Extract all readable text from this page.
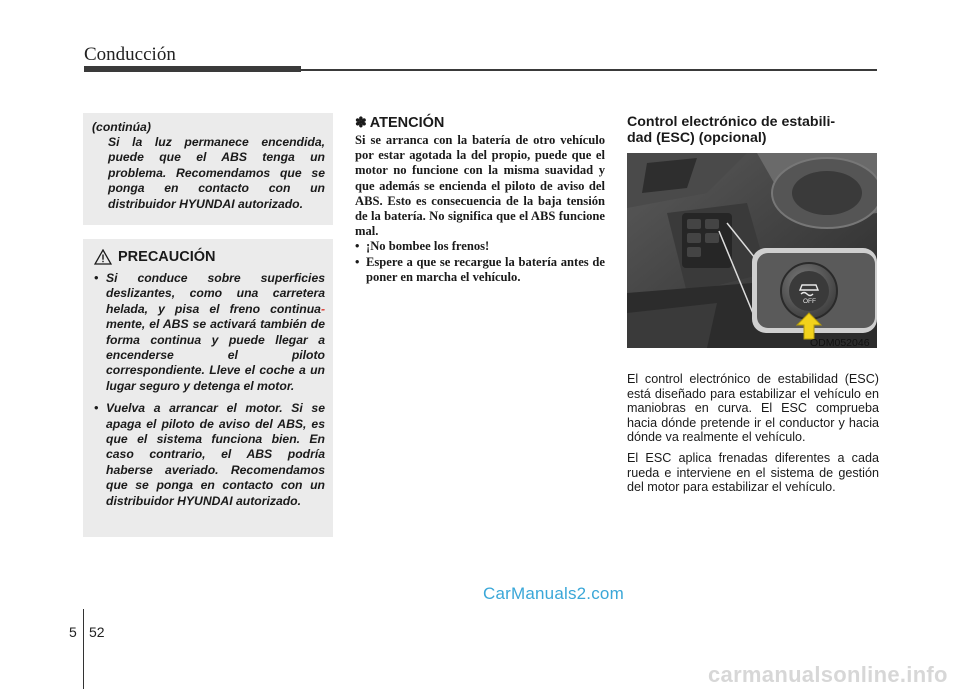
Conducción
(continúa)

Si la luz permanece encendida, puede que el ABS tenga un problema. Recomendamos que se ponga en contacto con un distribuidor HYUNDAI autorizado.

PRECAUCIÓN
• Si conduce sobre superficies deslizantes, como una carretera helada, y pisa el freno continua- mente, el ABS se activará también de forma continua y puede llegar a encenderse el piloto correspondiente. Lleve el coche a un lugar seguro y detenga el motor.
• Vuelva a arrancar el motor. Si se apaga el piloto de aviso del ABS, es que el sistema funciona bien. En caso contrario, el ABS podría haberse averiado. Recomendamos que se ponga en contacto con un distribuidor HYUNDAI autorizado.
✽ ATENCIÓN
Si se arranca con la batería de otro vehículo por estar agotada la del propio, puede que el motor no funcione con la misma suavidad y que además se encienda el piloto de aviso del ABS. Esto es consecuencia de la baja tensión de la batería. No significa que el ABS funcione mal.
• ¡No bombee los frenos!
• Espere a que se recargue la batería antes de poner en marcha el vehículo.
Control electrónico de estabili-
dad (ESC) (opcional)
OFF
ODM052046

El control electrónico de estabilidad (ESC) está diseñado para estabilizar el vehículo en maniobras en curva. El ESC comprueba hacia dónde pretende ir el conductor y hacia dónde va realmente el vehículo.

El ESC aplica frenadas diferentes a cada rueda e interviene en el sistema de gestión del motor para estabilizar el vehículo.

CarManuals2.com
5 52
carmanualsonline.info
